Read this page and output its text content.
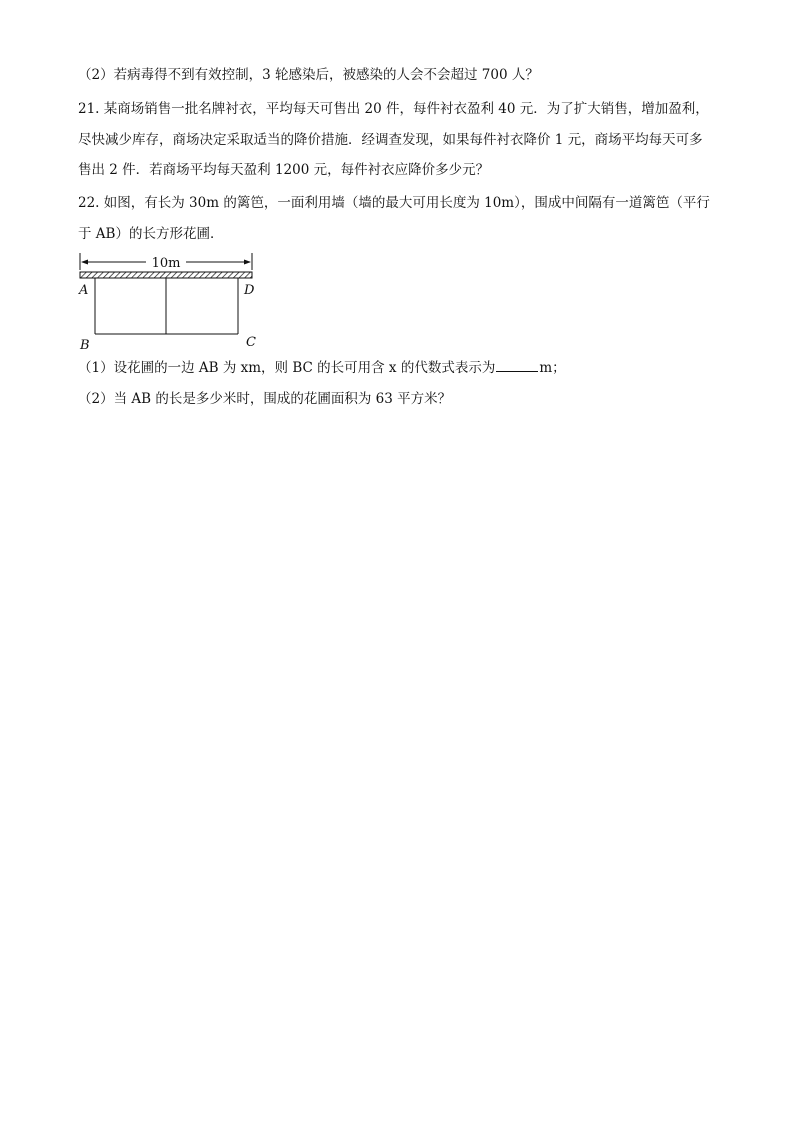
（2）若病毒得不到有效控制，3 轮感染后，被感染的人会不会超过 700 人？
21. 某商场销售一批名牌衬衣，平均每天可售出 20 件，每件衬衣盈利 40 元．为了扩大销售，增加盈利，
尽快减少库存，商场决定采取适当的降价措施．经调查发现，如果每件衬衣降价 1 元，商场平均每天可多
售出 2 件．若商场平均每天盈利 1200 元，每件衬衣应降价多少元？
22. 如图，有长为 30m 的篱笆，一面利用墙（墙的最大可用长度为 10m），围成中间隔有一道篱笆（平行
于 AB）的长方形花圃．
10m
A	D
B	C
（1）设花圃的一边 AB 为 xm，则 BC 的长可用含 x 的代数式表示为	m；
（2）当 AB 的长是多少米时，围成的花圃面积为 63 平方米？
